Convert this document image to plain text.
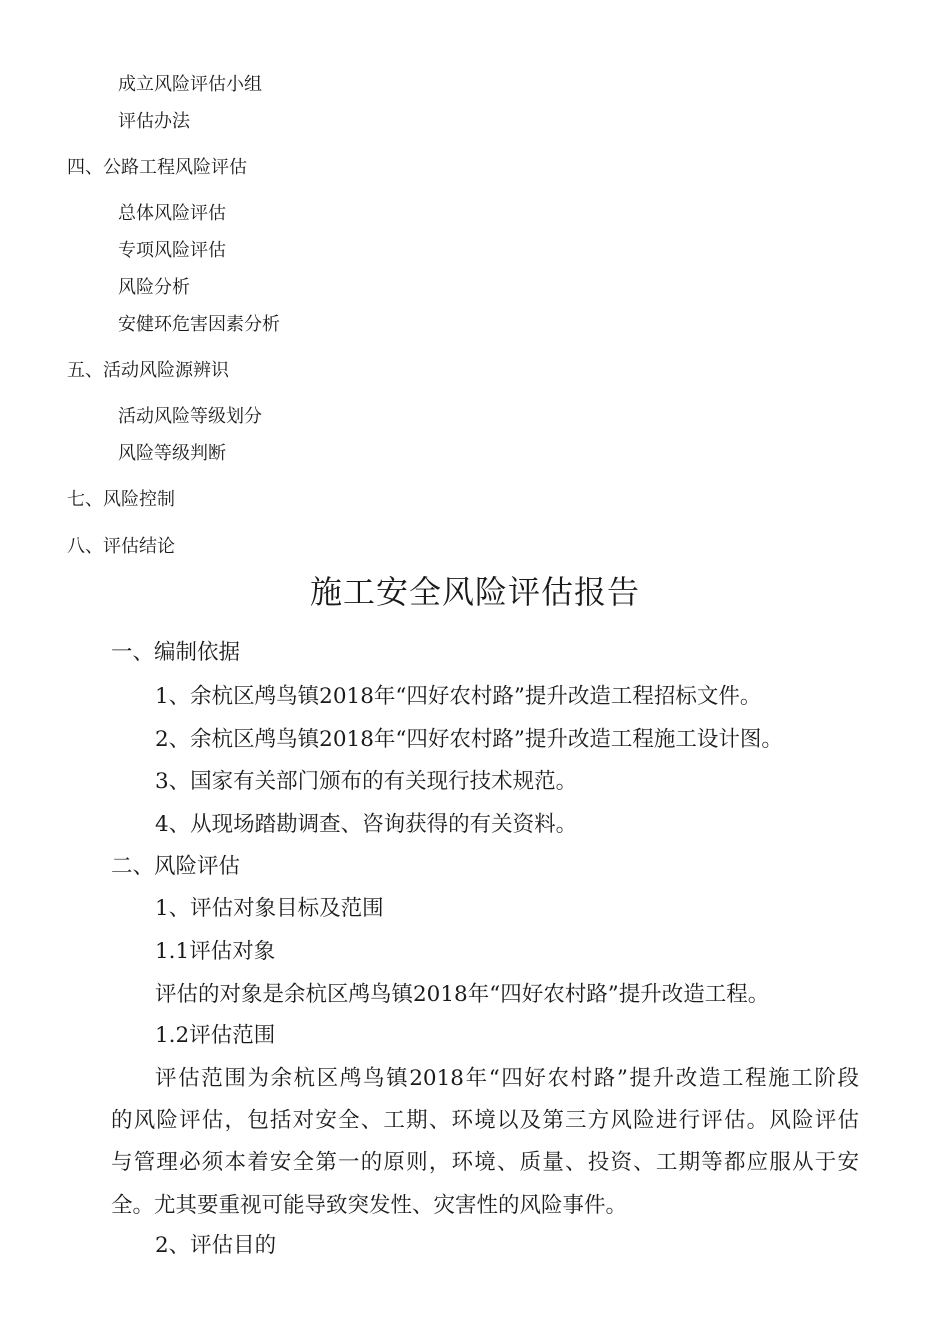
成立风险评估小组
评估办法
四、公路工程风险评估
总体风险评估
专项风险评估
风险分析
安健环危害因素分析
五、活动风险源辨识
活动风险等级划分
风险等级判断
七、风险控制
八、评估结论
施工安全风险评估报告
一、编制依据
1、余杭区鸬鸟镇2018年“四好农村路”提升改造工程招标文件。
2、余杭区鸬鸟镇2018年“四好农村路”提升改造工程施工设计图。
3、国家有关部门颁布的有关现行技术规范。
4、从现场踏勘调查、咨询获得的有关资料。
二、风险评估
1、评估对象目标及范围
1.1评估对象
评估的对象是余杭区鸬鸟镇2018年“四好农村路”提升改造工程。
1.2评估范围
评估范围为余杭区鸬鸟镇2018年“四好农村路”提升改造工程施工阶段
的风险评估，包括对安全、工期、环境以及第三方风险进行评估。风险评估
与管理必须本着安全第一的原则，环境、质量、投资、工期等都应服从于安
全。尤其要重视可能导致突发性、灾害性的风险事件。
2、评估目的
